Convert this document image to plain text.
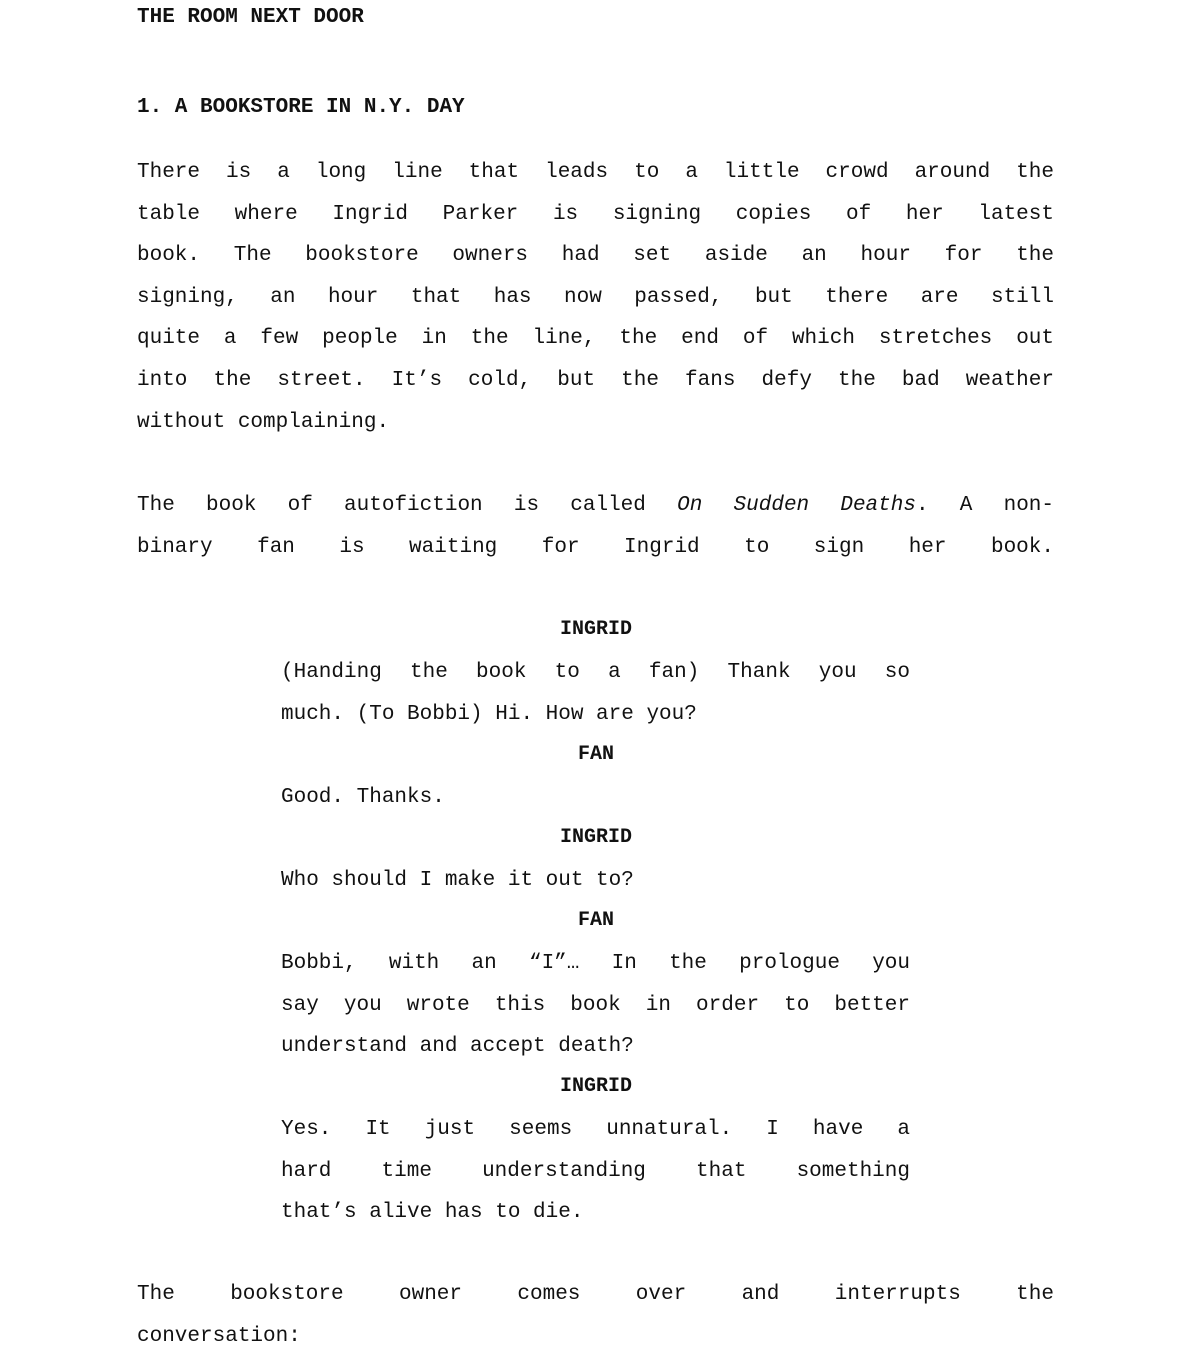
THE ROOM NEXT DOOR
1. A BOOKSTORE IN N.Y. DAY
There is a long line that leads to a little crowd around the
table where Ingrid Parker is signing copies of her latest
book. The bookstore owners had set aside an hour for the
signing, an hour that has now passed, but there are still
quite a few people in the line, the end of which stretches out
into the street. It’s cold, but the fans defy the bad weather
without complaining.
The book of autofiction is called On Sudden Deaths. A non-
binary fan is waiting for Ingrid to sign her book.
INGRID
(Handing the book to a fan) Thank you so
much. (To Bobbi) Hi. How are you?
FAN
Good. Thanks.
INGRID
Who should I make it out to?
FAN
Bobbi, with an “I”… In the prologue you
say you wrote this book in order to better
understand and accept death?
INGRID
Yes. It just seems unnatural. I have a
hard time understanding that something
that’s alive has to die.
The bookstore owner comes over and interrupts the
conversation:
